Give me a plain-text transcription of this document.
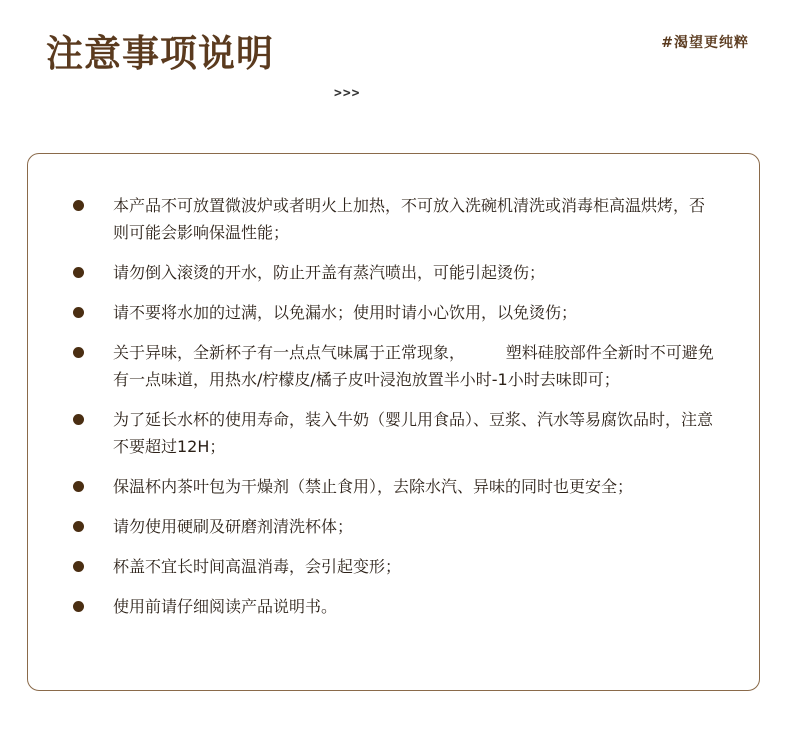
注意事项说明	#渴望更纯粹
>>>
本产品不可放置微波炉或者明火上加热，不可放入洗碗机清洗或消毒柜高温烘烤，否则可能会影响保温性能；
请勿倒入滚烫的开水，防止开盖有蒸汽喷出，可能引起烫伤；
请不要将水加的过满，以免漏水；使用时请小心饮用，以免烫伤；
关于异味，全新杯子有一点点气味属于正常现象，        塑料硅胶部件全新时不可避免有一点味道，用热水/柠檬皮/橘子皮叶浸泡放置半小时-1小时去味即可；
为了延长水杯的使用寿命，装入牛奶（婴儿用食品）、豆浆、汽水等易腐饮品时，注意不要超过12H；
保温杯内茶叶包为干燥剂（禁止食用），去除水汽、异味的同时也更安全；
请勿使用硬刷及研磨剂清洗杯体；
杯盖不宜长时间高温消毒，会引起变形；
使用前请仔细阅读产品说明书。
